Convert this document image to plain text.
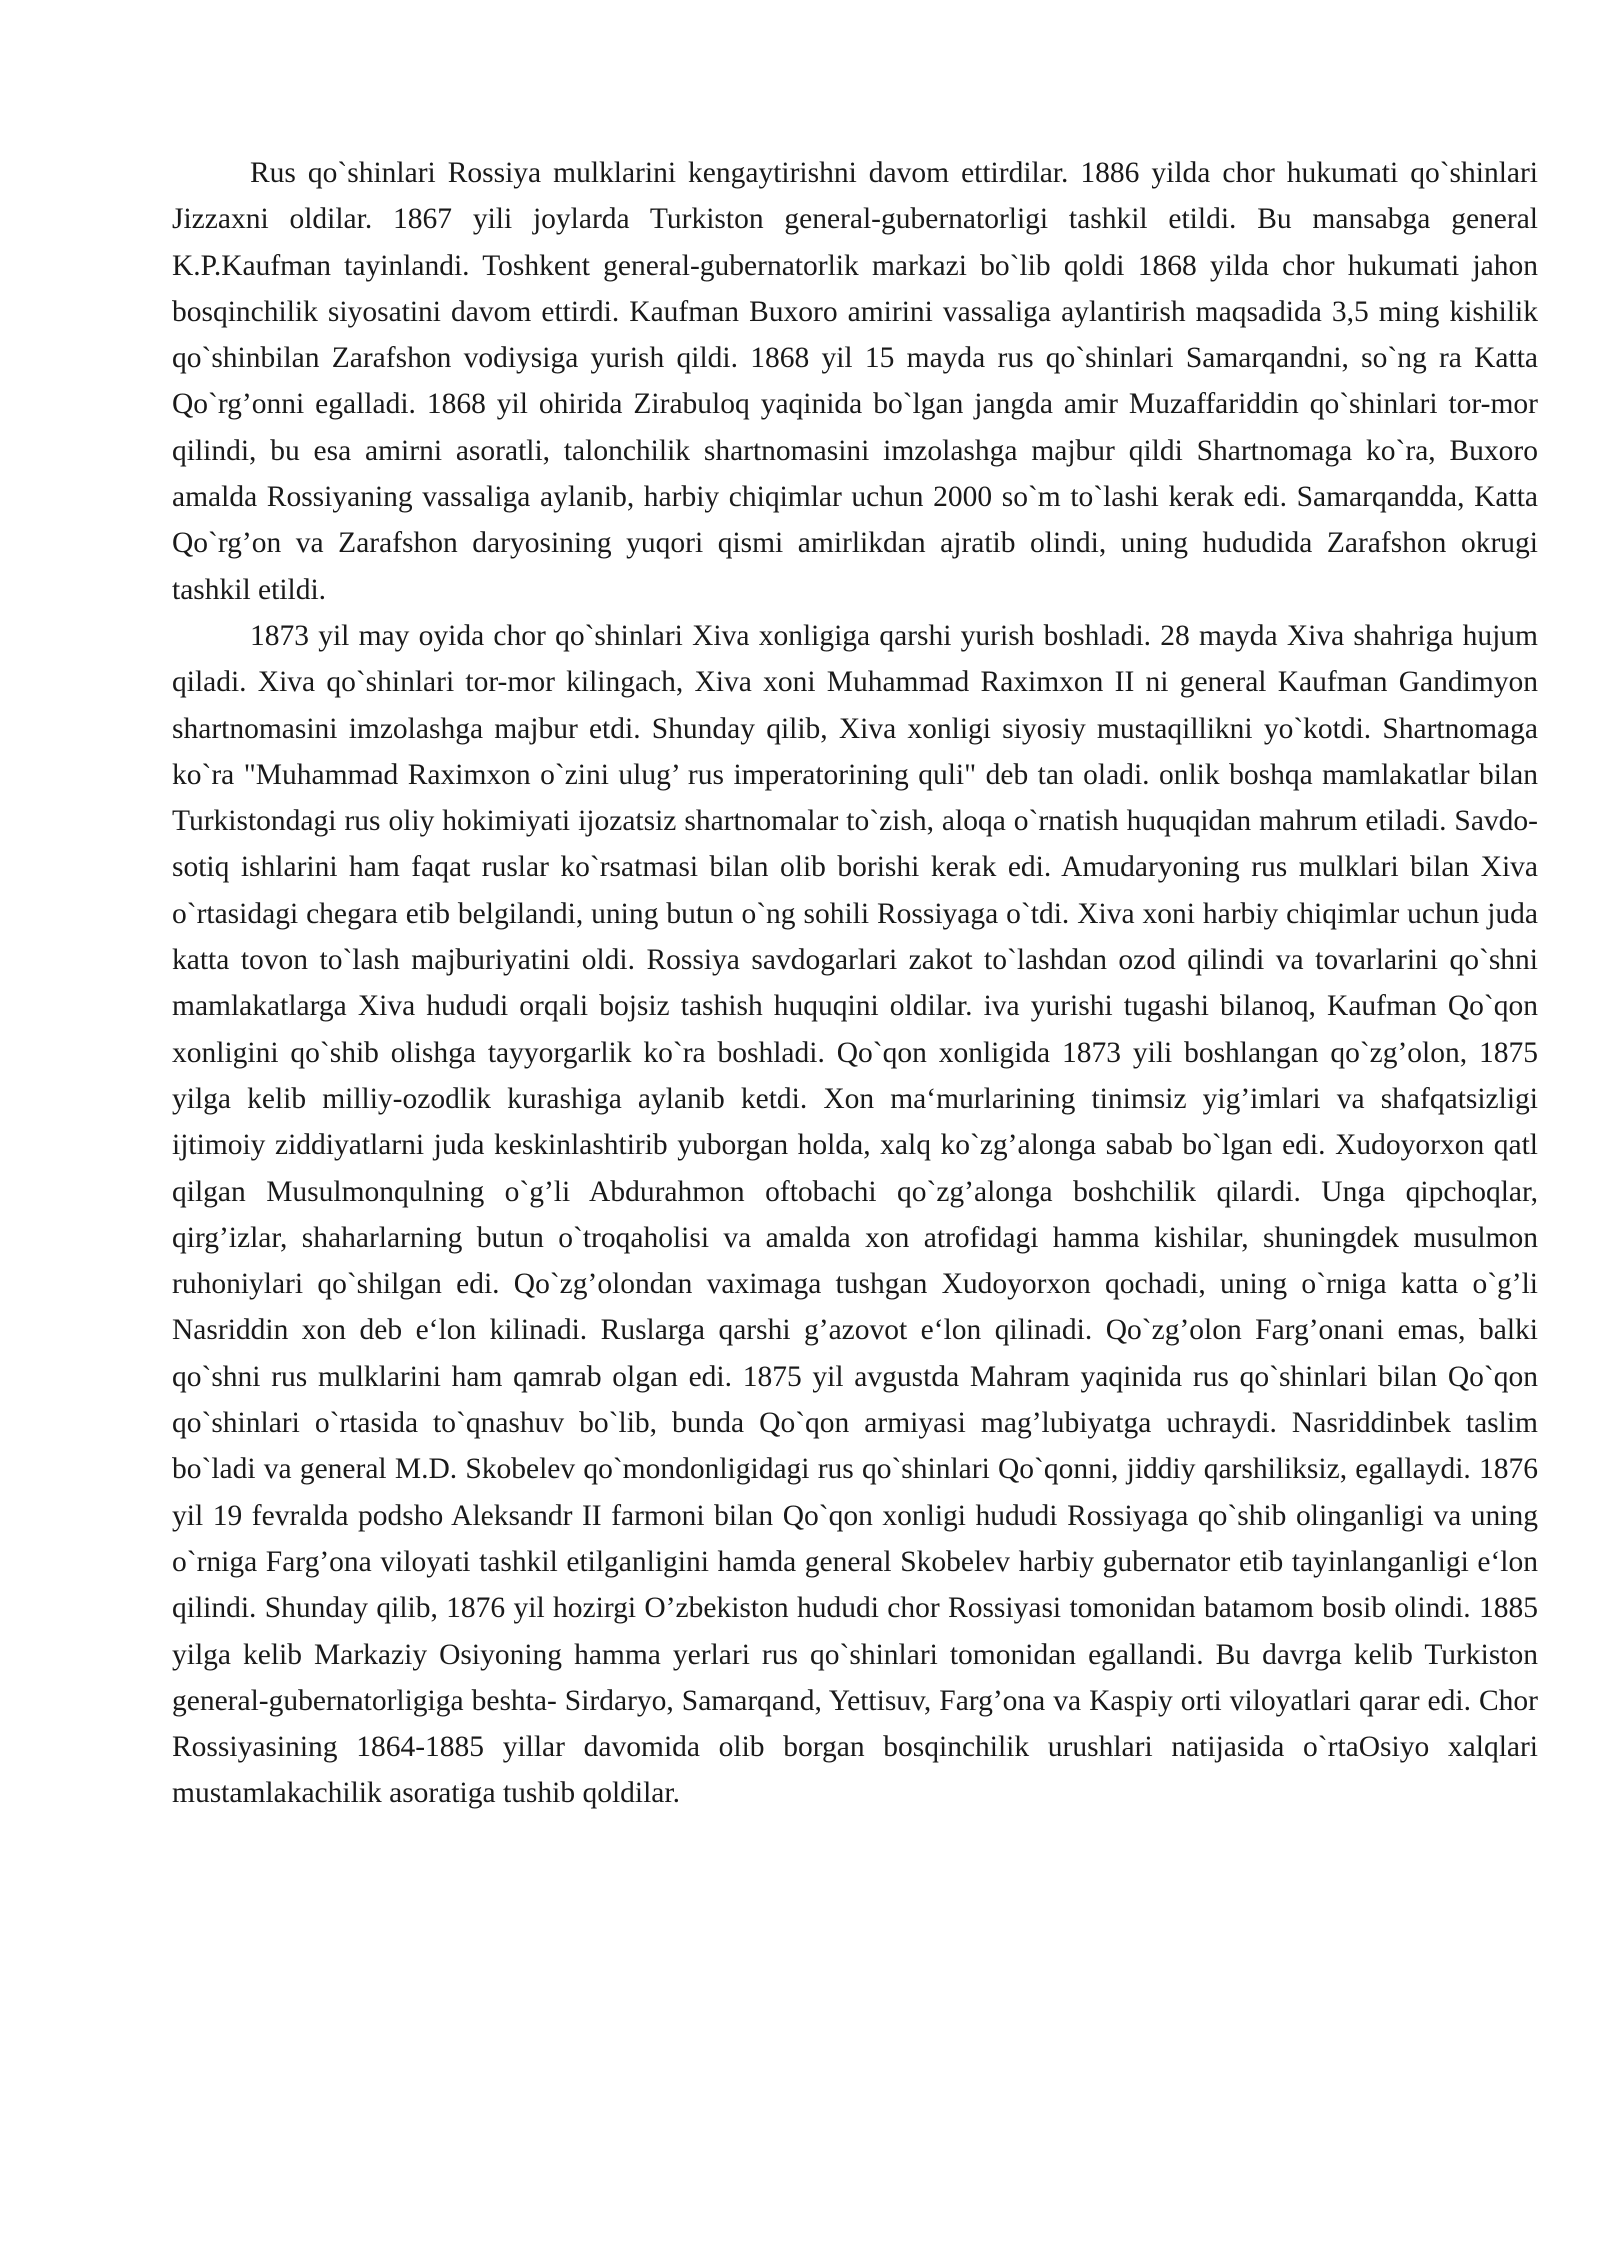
Rus qo`shinlari Rossiya mulklarini kengaytirishni davom ettirdilar. 1886 yilda chor hukumati qo`shinlari Jizzaxni oldilar. 1867 yili joylarda Turkiston general-gubernatorligi tashkil etildi. Bu mansabga general K.P.Kaufman tayinlandi. Toshkent general-gubernatorlik markazi bo`lib qoldi 1868 yilda chor hukumati jahon bosqinchilik siyosatini davom ettirdi. Kaufman Buxoro amirini vassaliga aylantirish maqsadida 3,5 ming kishilik qo`shinbilan Zarafshon vodiysiga yurish qildi. 1868 yil 15 mayda rus qo`shinlari Samarqandni, so`ng ra Katta Qo`rg’onni egalladi. 1868 yil ohirida Zirabuloq yaqinida bo`lgan jangda amir Muzaffariddin qo`shinlari tor-mor qilindi, bu esa amirni asoratli, talonchilik shartnomasini imzolashga majbur qildi Shartnomaga ko`ra, Buxoro amalda Rossiyaning vassaliga aylanib, harbiy chiqimlar uchun 2000 so`m to`lashi kerak edi. Samarqandda, Katta Qo`rg’on va Zarafshon daryosining yuqori qismi amirlikdan ajratib olindi, uning hududida Zarafshon okrugi tashkil etildi.

1873 yil may oyida chor qo`shinlari Xiva xonligiga qarshi yurish boshladi. 28 mayda Xiva shahriga hujum qiladi. Xiva qo`shinlari tor-mor kilingach, Xiva xoni Muhammad Raximxon II ni general Kaufman Gandimyon shartnomasini imzolashga majbur etdi. Shunday qilib, Xiva xonligi siyosiy mustaqillikni yo`kotdi. Shartnomaga ko`ra "Muhammad Raximxon o`zini ulug’ rus imperatorining quli" deb tan oladi. onlik boshqa mamlakatlar bilan Turkistondagi rus oliy hokimiyati ijozatsiz shartnomalar to`zish, aloqa o`rnatish huquqidan mahrum etiladi. Savdo-sotiq ishlarini ham faqat ruslar ko`rsatmasi bilan olib borishi kerak edi. Amudaryoning rus mulklari bilan Xiva o`rtasidagi chegara etib belgilandi, uning butun o`ng sohili Rossiyaga o`tdi. Xiva xoni harbiy chiqimlar uchun juda katta tovon to`lash majburiyatini oldi. Rossiya savdogarlari zakot to`lashdan ozod qilindi va tovarlarini qo`shni mamlakatlarga Xiva hududi orqali bojsiz tashish huquqini oldilar. iva yurishi tugashi bilanoq, Kaufman Qo`qon xonligini qo`shib olishga tayyorgarlik ko`ra boshladi. Qo`qon xonligida 1873 yili boshlangan qo`zg’olon, 1875 yilga kelib milliy-ozodlik kurashiga aylanib ketdi. Xon ma‘murlarining tinimsiz yig’imlari va shafqatsizligi ijtimoiy ziddiyatlarni juda keskinlashtirib yuborgan holda, xalq ko`zg’alonga sabab bo`lgan edi. Xudoyorxon qatl qilgan Musulmonqulning o`g’li Abdurahmon oftobachi qo`zg’alonga boshchilik qilardi. Unga qipchoqlar, qirg’izlar, shaharlarning butun o`troqaholisi va amalda xon atrofidagi hamma kishilar, shuningdek musulmon ruhoniylari qo`shilgan edi. Qo`zg’olondan vaximaga tushgan Xudoyorxon qochadi, uning o`rniga katta o`g’li Nasriddin xon deb e‘lon kilinadi. Ruslarga qarshi g’azovot e‘lon qilinadi. Qo`zg’olon Farg’onani emas, balki qo`shni rus mulklarini ham qamrab olgan edi. 1875 yil avgustda Mahram yaqinida rus qo`shinlari bilan Qo`qon qo`shinlari o`rtasida to`qnashuv bo`lib, bunda Qo`qon armiyasi mag’lubiyatga uchraydi. Nasriddinbek taslim bo`ladi va general M.D. Skobelev qo`mondonligidagi rus qo`shinlari Qo`qonni, jiddiy qarshiliksiz, egallaydi. 1876 yil 19 fevralda podsho Aleksandr II farmoni bilan Qo`qon xonligi hududi Rossiyaga qo`shib olinganligi va uning o`rniga Farg’ona viloyati tashkil etilganligini hamda general Skobelev harbiy gubernator etib tayinlanganligi e‘lon qilindi. Shunday qilib, 1876 yil hozirgi O’zbekiston hududi chor Rossiyasi tomonidan batamom bosib olindi. 1885 yilga kelib Markaziy Osiyoning hamma yerlari rus qo`shinlari tomonidan egallandi. Bu davrga kelib Turkiston general-gubernatorligiga beshta- Sirdaryo, Samarqand, Yettisuv, Farg’ona va Kaspiy orti viloyatlari qarar edi. Chor Rossiyasining 1864-1885 yillar davomida olib borgan bosqinchilik urushlari natijasida o`rtaOsiyo xalqlari mustamlakachilik asoratiga tushib qoldilar.
